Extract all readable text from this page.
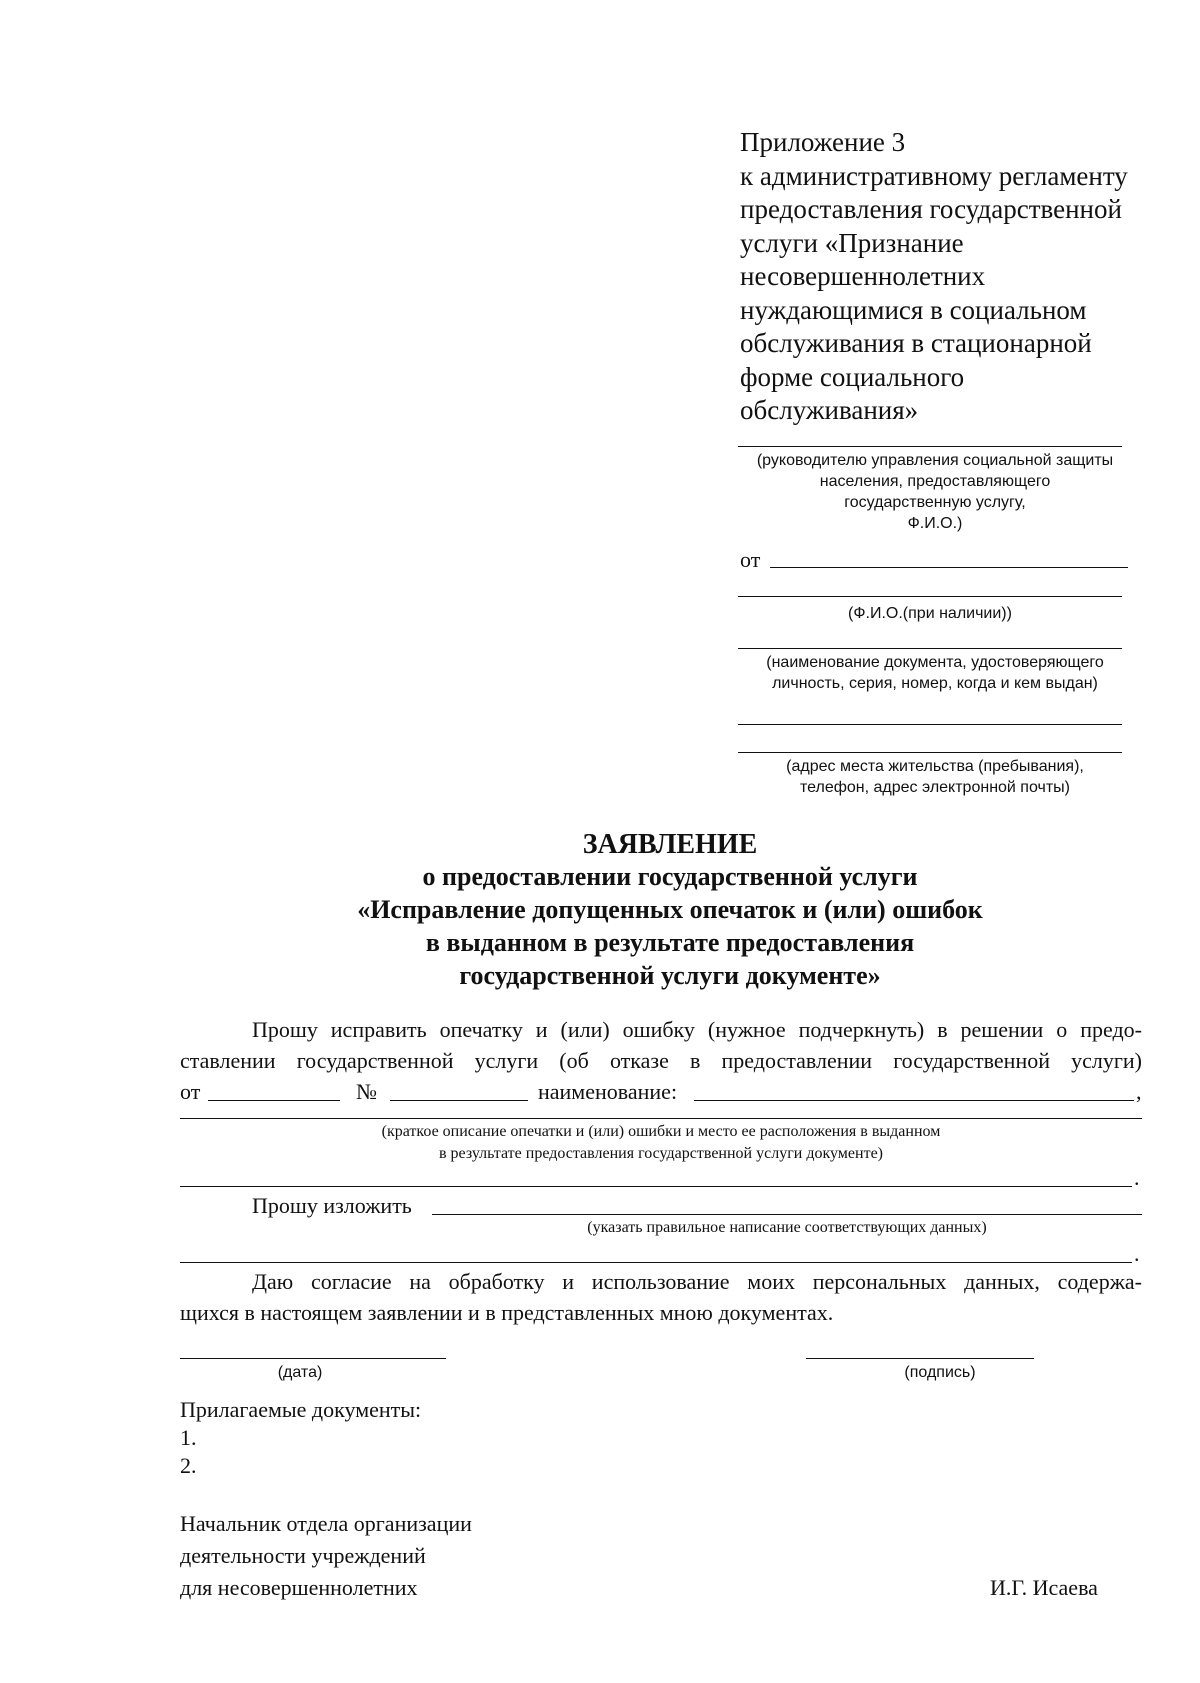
Приложение 3
к административному регламенту
предоставления государственной
услуги «Признание
несовершеннолетних
нуждающимися в социальном
обслуживания в стационарной
форме социального
обслуживания»
(руководителю управления социальной защиты
населения, предоставляющего
государственную услугу,
Ф.И.О.)
от
(Ф.И.О.(при наличии))
(наименование документа, удостоверяющего
личность, серия, номер, когда и кем выдан)
(адрес места жительства (пребывания),
телефон, адрес электронной почты)
ЗАЯВЛЕНИЕ
о предоставлении государственной услуги
«Исправление допущенных опечаток и (или) ошибок
в выданном в результате предоставления
государственной услуги документе»
Прошу исправить опечатку и (или) ошибку (нужное подчеркнуть) в решении о предо-
ставлении государственной услуги (об отказе в предоставлении государственной услуги)
от	№	наименование:	,
(краткое описание опечатки и (или) ошибки и место ее расположения в выданном
в результате предоставления государственной услуги документе)
.
Прошу изложить
(указать правильное написание соответствующих данных)
.
Даю согласие на обработку и использование моих персональных данных, содержа-
щихся в настоящем заявлении и в представленных мною документах.
(дата)	(подпись)
Прилагаемые документы:
1.
2.
Начальник отдела организации
деятельности учреждений
для несовершеннолетних	И.Г. Исаева
